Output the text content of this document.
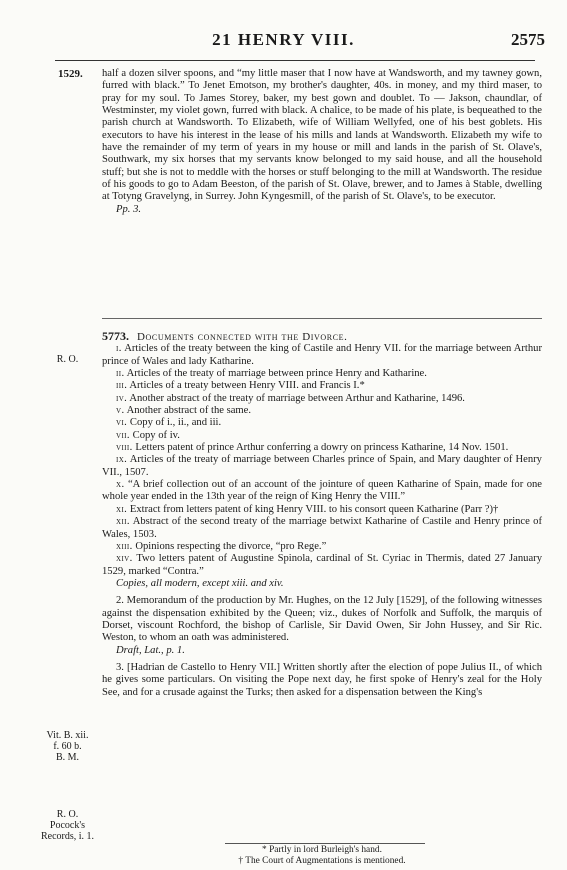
21 HENRY VIII.	2575
1529.
R. O.
Vit. B. xii.
f. 60 b.
B. M.
R. O.
Pocock's
Records, i. 1.

half a dozen silver spoons, and “my little maser that I now have at Wandsworth, and my tawney gown, furred with black.” To Jenet Emotson, my brother's daughter, 40s. in money, and my third maser, to pray for my soul. To James Storey, baker, my best gown and doublet. To — Jakson, chaundlar, of Westminster, my violet gown, furred with black. A chalice, to be made of his plate, is bequeathed to the parish church at Wandsworth. To Elizabeth, wife of William Wellyfed, one of his best goblets. His executors to have his interest in the lease of his mills and lands at Wandsworth. Elizabeth my wife to have the remainder of my term of years in my house or mill and lands in the parish of St. Olave's, Southwark, my six horses that my servants know belonged to my said house, and all the household stuff; but she is not to meddle with the horses or stuff belonging to the mill at Wandsworth. The residue of his goods to go to Adam Beeston, of the parish of St. Olave, brewer, and to James à Stable, dwelling at Totyng Gravelyng, in Surrey. John Kyngesmill, of the parish of St. Olave's, to be executor.

Pp. 3.

5773. Documents connected with the Divorce.

i. Articles of the treaty between the king of Castile and Henry VII. for the marriage between Arthur prince of Wales and lady Katharine.

ii. Articles of the treaty of marriage between prince Henry and Katharine.

iii. Articles of a treaty between Henry VIII. and Francis I.*

iv. Another abstract of the treaty of marriage between Arthur and Katharine, 1496.

v. Another abstract of the same.

vi. Copy of i., ii., and iii.

vii. Copy of iv.

viii. Letters patent of prince Arthur conferring a dowry on princess Katharine, 14 Nov. 1501.

ix. Articles of the treaty of marriage between Charles prince of Spain, and Mary daughter of Henry VII., 1507.

x. “A brief collection out of an account of the jointure of queen Katharine of Spain, made for one whole year ended in the 13th year of the reign of King Henry the VIII.”

xi. Extract from letters patent of king Henry VIII. to his consort queen Katharine (Parr ?)†

xii. Abstract of the second treaty of the marriage betwixt Katharine of Castile and Henry prince of Wales, 1503.

xiii. Opinions respecting the divorce, “pro Rege.”

xiv. Two letters patent of Augustine Spinola, cardinal of St. Cyriac in Thermis, dated 27 January 1529, marked “Contra.”

Copies, all modern, except xiii. and xiv.

2. Memorandum of the production by Mr. Hughes, on the 12 July [1529], of the following witnesses against the dispensation exhibited by the Queen; viz., dukes of Norfolk and Suffolk, the marquis of Dorset, viscount Rochford, the bishop of Carlisle, Sir David Owen, Sir John Hussey, and Sir Ric. Weston, to whom an oath was administered.

Draft, Lat., p. 1.

3. [Hadrian de Castello to Henry VII.] Written shortly after the election of pope Julius II., of which he gives some particulars. On visiting the Pope next day, he first spoke of Henry's zeal for the Holy See, and for a crusade against the Turks; then asked for a dispensation between the King's

* Partly in lord Burleigh's hand.
† The Court of Augmentations is mentioned.
